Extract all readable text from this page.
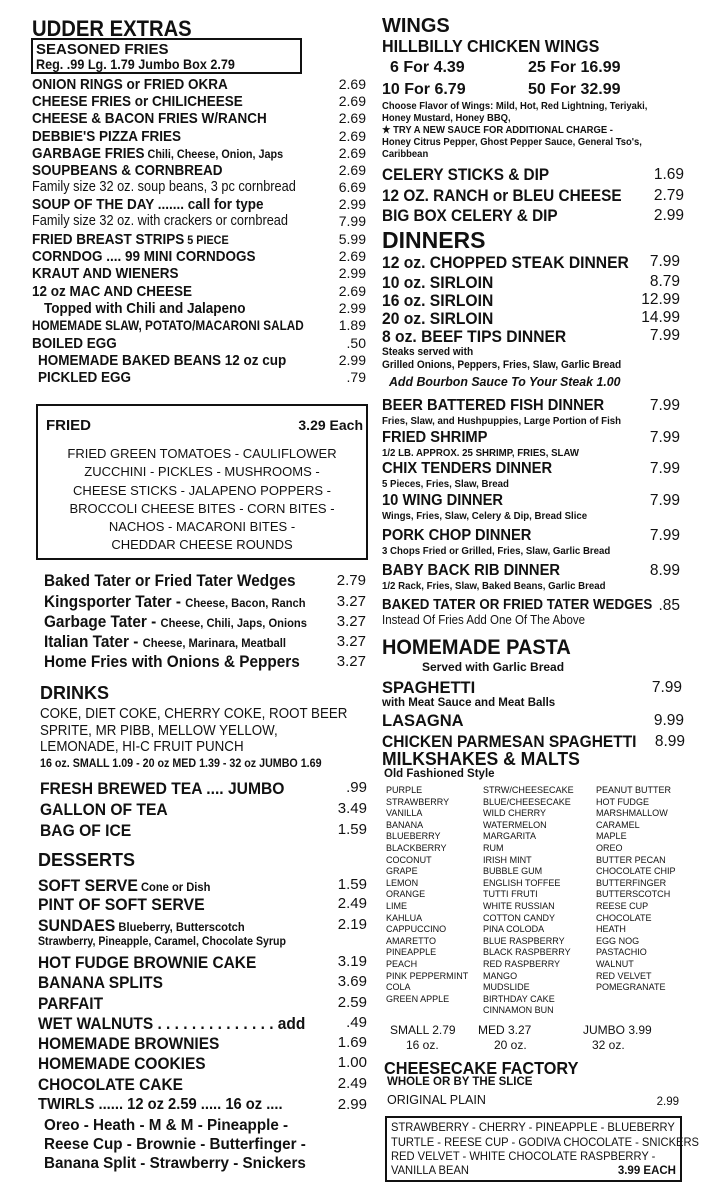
UDDER EXTRAS
SEASONED FRIES
Reg. .99 Lg. 1.79 Jumbo Box 2.79
ONION RINGS or FRIED OKRA	2.69
CHEESE FRIES or CHILICHEESE	2.69
CHEESE & BACON FRIES W/RANCH	2.69
DEBBIE'S PIZZA FRIES	2.69
GARBAGE FRIES Chili, Cheese, Onion, Japs	2.69
SOUPBEANS & CORNBREAD	2.69
Family size 32 oz. soup beans, 3 pc cornbread	6.69
SOUP OF THE DAY ....... call for type	2.99
Family size 32 oz. with crackers or cornbread	7.99
FRIED BREAST STRIPS 5 PIECE	5.99
CORNDOG .... 99 MINI CORNDOGS	2.69
KRAUT AND WIENERS	2.99
12 oz MAC AND CHEESE	2.69
Topped with Chili and Jalapeno	2.99
HOMEMADE SLAW, POTATO/MACARONI SALAD	1.89
BOILED EGG	.50
HOMEMADE BAKED BEANS 12 oz cup	2.99
PICKLED EGG	.79
FRIED	3.29 Each
FRIED GREEN TOMATOES - CAULIFLOWER
ZUCCHINI - PICKLES - MUSHROOMS -
CHEESE STICKS - JALAPENO POPPERS -
BROCCOLI CHEESE BITES - CORN BITES -
NACHOS - MACARONI BITES -
CHEDDAR CHEESE ROUNDS
Baked Tater or Fried Tater Wedges	2.79
Kingsporter Tater - Cheese, Bacon, Ranch	3.27
Garbage Tater - Cheese, Chili, Japs, Onions	3.27
Italian Tater - Cheese, Marinara, Meatball	3.27
Home Fries with Onions & Peppers	3.27
DRINKS
COKE, DIET COKE, CHERRY COKE, ROOT BEER
SPRITE, MR PIBB, MELLOW YELLOW,
LEMONADE, HI-C FRUIT PUNCH
16 oz. SMALL 1.09 - 20 oz MED 1.39 - 32 oz JUMBO 1.69
FRESH BREWED TEA .... JUMBO	.99
GALLON OF TEA	3.49
BAG OF ICE	1.59
DESSERTS
SOFT SERVE Cone or Dish	1.59
PINT OF SOFT SERVE	2.49
SUNDAES Blueberry, Butterscotch	2.19
Strawberry, Pineapple, Caramel, Chocolate Syrup
HOT FUDGE BROWNIE CAKE	3.19
BANANA SPLITS	3.69
PARFAIT	2.59
WET WALNUTS . . . . . . . . . . . . . . add	.49
HOMEMADE BROWNIES	1.69
HOMEMADE COOKIES	1.00
CHOCOLATE CAKE	2.49
TWIRLS ...... 12 oz 2.59 ..... 16 oz ....	2.99
Oreo - Heath - M & M - Pineapple -
Reese Cup - Brownie - Butterfinger -
Banana Split - Strawberry - Snickers
WINGS
HILLBILLY CHICKEN WINGS
6 For 4.39	25 For 16.99
10 For 6.79	50 For 32.99
Choose Flavor of Wings: Mild, Hot, Red Lightning, Teriyaki,
Honey Mustard, Honey BBQ,
★ TRY A NEW SAUCE FOR ADDITIONAL CHARGE -
Honey Citrus Pepper, Ghost Pepper Sauce, General Tso's,
Caribbean
CELERY STICKS & DIP	1.69
12 OZ. RANCH or BLEU CHEESE	2.79
BIG BOX CELERY & DIP	2.99
DINNERS
12 oz. CHOPPED STEAK DINNER	7.99
10 oz. SIRLOIN	8.79
16 oz. SIRLOIN	12.99
20 oz. SIRLOIN	14.99
8 oz. BEEF TIPS DINNER	7.99
Steaks served with
Grilled Onions, Peppers, Fries, Slaw, Garlic Bread
Add Bourbon Sauce To Your Steak 1.00
BEER BATTERED FISH DINNER	7.99
Fries, Slaw, and Hushpuppies, Large Portion of Fish
FRIED SHRIMP	7.99
1/2 LB. APPROX. 25 SHRIMP, FRIES, SLAW
CHIX TENDERS DINNER	7.99
5 Pieces, Fries, Slaw, Bread
10 WING DINNER	7.99
Wings, Fries, Slaw, Celery & Dip, Bread Slice
PORK CHOP DINNER	7.99
3 Chops Fried or Grilled, Fries, Slaw, Garlic Bread
BABY BACK RIB DINNER	8.99
1/2 Rack, Fries, Slaw, Baked Beans, Garlic Bread
BAKED TATER OR FRIED TATER WEDGES .85
Instead Of Fries Add One Of The Above
HOMEMADE PASTA
Served with Garlic Bread
SPAGHETTI	7.99
with Meat Sauce and Meat Balls
LASAGNA	9.99
CHICKEN PARMESAN SPAGHETTI	8.99
MILKSHAKES & MALTS
Old Fashioned Style
PURPLE
STRAWBERRY
VANILLA
BANANA
BLUEBERRY
BLACKBERRY
COCONUT
GRAPE
LEMON
ORANGE
LIME
KAHLUA
CAPPUCCINO
AMARETTO
PINEAPPLE
PEACH
PINK PEPPERMINT
COLA
GREEN APPLE
STRW/CHEESECAKE
BLUE/CHEESECAKE
WILD CHERRY
WATERMELON
MARGARITA
RUM
IRISH MINT
BUBBLE GUM
ENGLISH TOFFEE
TUTTI FRUTI
WHITE RUSSIAN
COTTON CANDY
PINA COLODA
BLUE RASPBERRY
BLACK RASPBERRY
RED RASPBERRY
MANGO
MUDSLIDE
BIRTHDAY CAKE
CINNAMON BUN
PEANUT BUTTER
HOT FUDGE
MARSHMALLOW
CARAMEL
MAPLE
OREO
BUTTER PECAN
CHOCOLATE CHIP
BUTTERFINGER
BUTTERSCOTCH
REESE CUP
CHOCOLATE
HEATH
EGG NOG
PASTACHIO
WALNUT
RED VELVET
POMEGRANATE
SMALL 2.79
16 oz.
MED 3.27
20 oz.
JUMBO 3.99
32 oz.
CHEESECAKE FACTORY
WHOLE OR BY THE SLICE
ORIGINAL PLAIN	2.99
STRAWBERRY - CHERRY - PINEAPPLE - BLUEBERRY
TURTLE - REESE CUP - GODIVA CHOCOLATE - SNICKERS
RED VELVET - WHITE CHOCOLATE RASPBERRY -
VANILLA BEAN	3.99 EACH
